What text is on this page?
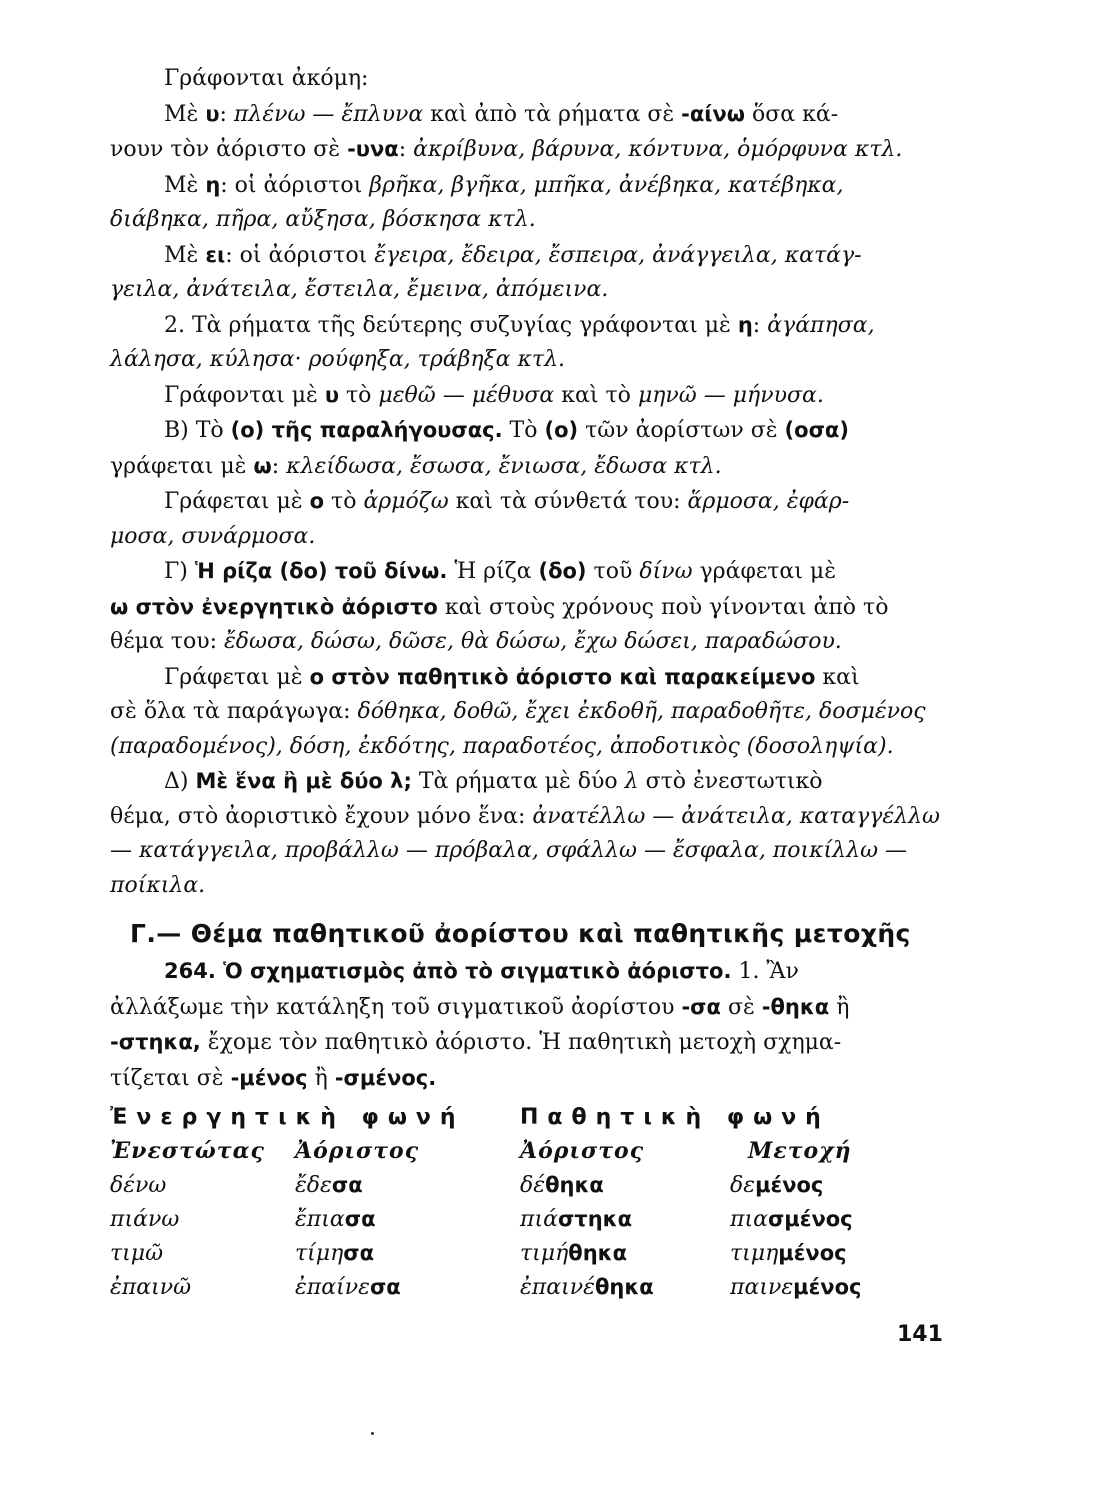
Γράφονται ἀκόμη:
Μὲ υ: πλένω — ἔπλυνα καὶ ἀπὸ τὰ ρήματα σὲ -αίνω ὅσα κά-
νουν τὸν ἀόριστο σὲ -υνα: ἀκρίβυνα, βάρυνα, κόντυνα, ὁμόρφυνα κτλ.
Μὲ η: οἱ ἀόριστοι βρῆκα, βγῆκα, μπῆκα, ἀνέβηκα, κατέβηκα,
διάβηκα, πῆρα, αὔξησα, βόσκησα κτλ.
Μὲ ει: οἱ ἀόριστοι ἔγειρα, ἔδειρα, ἔσπειρα, ἀνάγγειλα, κατάγ-
γειλα, ἀνάτειλα, ἔστειλα, ἔμεινα, ἀπόμεινα.
2. Τὰ ρήματα τῆς δεύτερης συζυγίας γράφονται μὲ η: ἀγάπησα,
λάλησα, κύλησα· ρούφηξα, τράβηξα κτλ.
Γράφονται μὲ υ τὸ μεθῶ — μέθυσα καὶ τὸ μηνῶ — μήνυσα.
Β) Τὸ (ο) τῆς παραλήγουσας. Τὸ (ο) τῶν ἀορίστων σὲ (οσα)
γράφεται μὲ ω: κλείδωσα, ἔσωσα, ἔνιωσα, ἔδωσα κτλ.
Γράφεται μὲ ο τὸ ἁρμόζω καὶ τὰ σύνθετά του: ἅρμοσα, ἐφάρ-
μοσα, συνάρμοσα.
Γ) Ἡ ρίζα (δο) τοῦ δίνω. Ἡ ρίζα (δο) τοῦ δίνω γράφεται μὲ
ω στὸν ἐνεργητικὸ ἀόριστο καὶ στοὺς χρόνους ποὺ γίνονται ἀπὸ τὸ
θέμα του: ἔδωσα, δώσω, δῶσε, θὰ δώσω, ἔχω δώσει, παραδώσου.
Γράφεται μὲ ο στὸν παθητικὸ ἀόριστο καὶ παρακείμενο καὶ
σὲ ὅλα τὰ παράγωγα: δόθηκα, δοθῶ, ἔχει ἐκδοθῆ, παραδοθῆτε, δοσμένος
(παραδομένος), δόση, ἐκδότης, παραδοτέος, ἀποδοτικὸς (δοσοληψία).
Δ) Μὲ ἕνα ἢ μὲ δύο λ; Τὰ ρήματα μὲ δύο λ στὸ ἐνεστωτικὸ
θέμα, στὸ ἀοριστικὸ ἔχουν μόνο ἕνα: ἀνατέλλω — ἀνάτειλα, καταγγέλλω
— κατάγγειλα, προβάλλω — πρόβαλα, σφάλλω — ἔσφαλα, ποικίλλω —
ποίκιλα.
Γ.— Θέμα παθητικοῦ ἀορίστου καὶ παθητικῆς μετοχῆς
264. Ὁ σχηματισμὸς ἀπὸ τὸ σιγματικὸ ἀόριστο. 1. Ἂν
ἀλλάξωμε τὴν κατάληξη τοῦ σιγματικοῦ ἀορίστου -σα σὲ -θηκα ἢ
-στηκα, ἔχομε τὸν παθητικὸ ἀόριστο. Ἡ παθητικὴ μετοχὴ σχημα-
τίζεται σὲ -μένος ἢ -σμένος.
Ἐνεργητικὴ φωνή		Παθητικὴ φωνή	
Ἐνεστώτας	Ἀόριστος	Ἀόριστος	Μετοχή
δένω	ἔδεσα	δέθηκα	δεμένος
πιάνω	ἔπιασα	πιάστηκα	πιασμένος
τιμῶ	τίμησα	τιμήθηκα	τιμημένος
ἐπαινῶ	ἐπαίνεσα	ἐπαινέθηκα	παινεμένος
141
